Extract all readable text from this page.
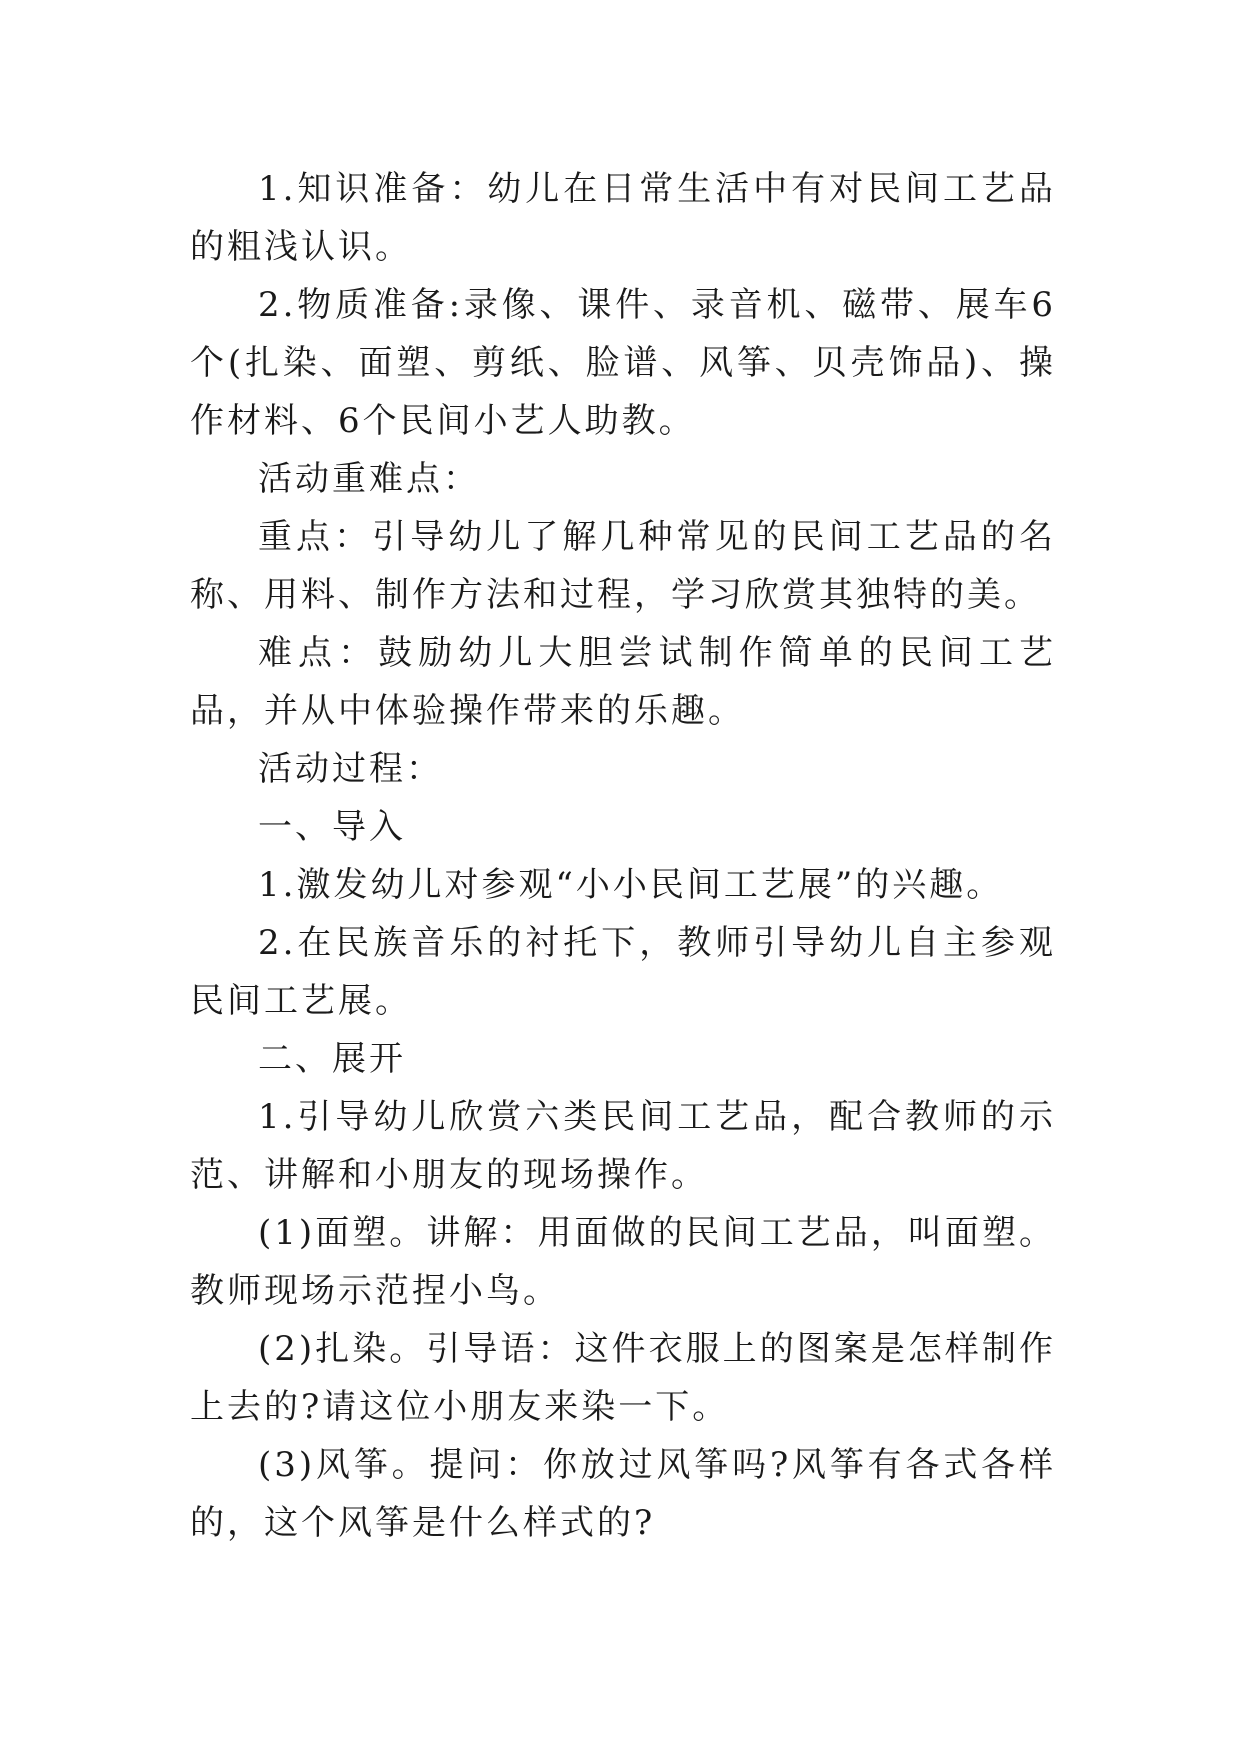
1.知识准备：幼儿在日常生活中有对民间工艺品的粗浅认识。

2.物质准备:录像、课件、录音机、磁带、展车6个(扎染、面塑、剪纸、脸谱、风筝、贝壳饰品)、操作材料、6个民间小艺人助教。

活动重难点：

重点：引导幼儿了解几种常见的民间工艺品的名称、用料、制作方法和过程，学习欣赏其独特的美。

难点：鼓励幼儿大胆尝试制作简单的民间工艺品，并从中体验操作带来的乐趣。

活动过程：

一、导入

1.激发幼儿对参观“小小民间工艺展”的兴趣。

2.在民族音乐的衬托下，教师引导幼儿自主参观民间工艺展。

二、展开

1.引导幼儿欣赏六类民间工艺品，配合教师的示范、讲解和小朋友的现场操作。

(1)面塑。讲解：用面做的民间工艺品，叫面塑。教师现场示范捏小鸟。

(2)扎染。引导语：这件衣服上的图案是怎样制作上去的?请这位小朋友来染一下。

(3)风筝。提问：你放过风筝吗?风筝有各式各样的，这个风筝是什么样式的?
